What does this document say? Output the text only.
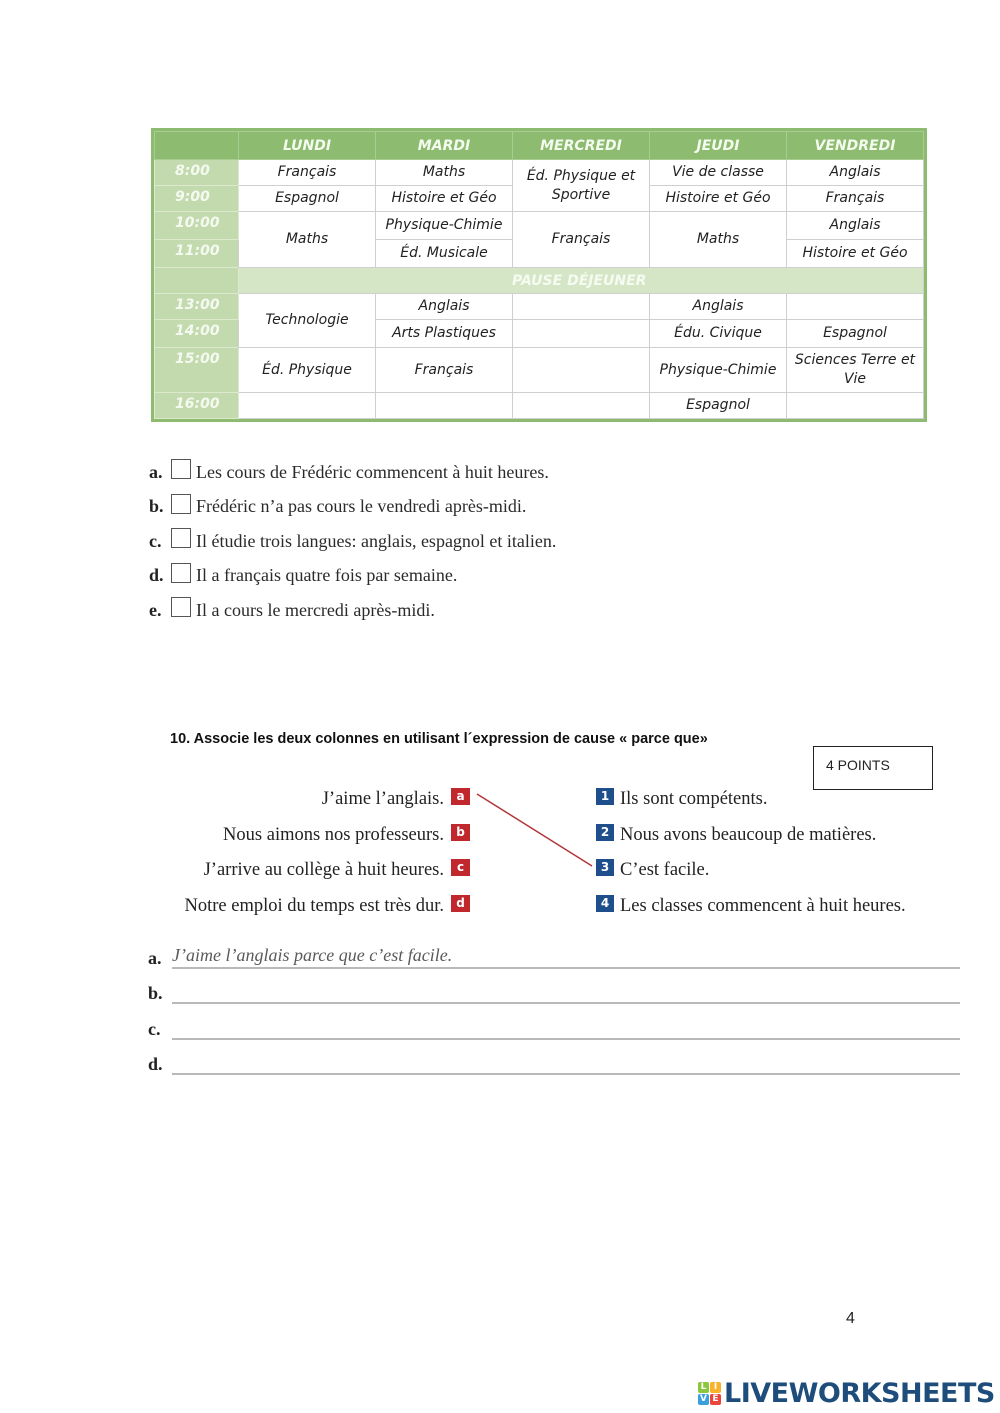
	LUNDI	MARDI	MERCREDI	JEUDI	VENDREDI
8:00	Français	Maths	Éd. Physique et Sportive	Vie de classe	Anglais
9:00	Espagnol	Histoire et Géo		Histoire et Géo	Français
10:00	Maths	Physique-Chimie	Français	Maths	Anglais
11:00		Éd. Musicale			Histoire et Géo
	PAUSE DÉJEUNER				
13:00	Technologie	Anglais		Anglais	
14:00		Arts Plastiques		Édu. Civique	Espagnol
15:00	Éd. Physique	Français		Physique-Chimie	Sciences Terre et Vie
16:00				Espagnol	
a.	Les cours de Frédéric commencent à huit heures.
b.	Frédéric n’a pas cours le vendredi après-midi.
c.	Il étudie trois langues: anglais, espagnol et italien.
d.	Il a français quatre fois par semaine.
e.	Il a cours le mercredi après-midi.
10. Associe les deux colonnes en utilisant l´expression de cause « parce que»
4 POINTS
J’aime l’anglais.	a
Nous aimons nos professeurs.	b
J’arrive au collège à huit heures.	c
Notre emploi du temps est très dur.	d
1 Ils sont compétents.
2 Nous avons beaucoup de matières.
3 C’est facile.
4 Les classes commencent à huit heures.
a. J’aime l’anglais parce que c’est facile.
b.
c.
d.
4
L I
V E LIVEWORKSHEETS
